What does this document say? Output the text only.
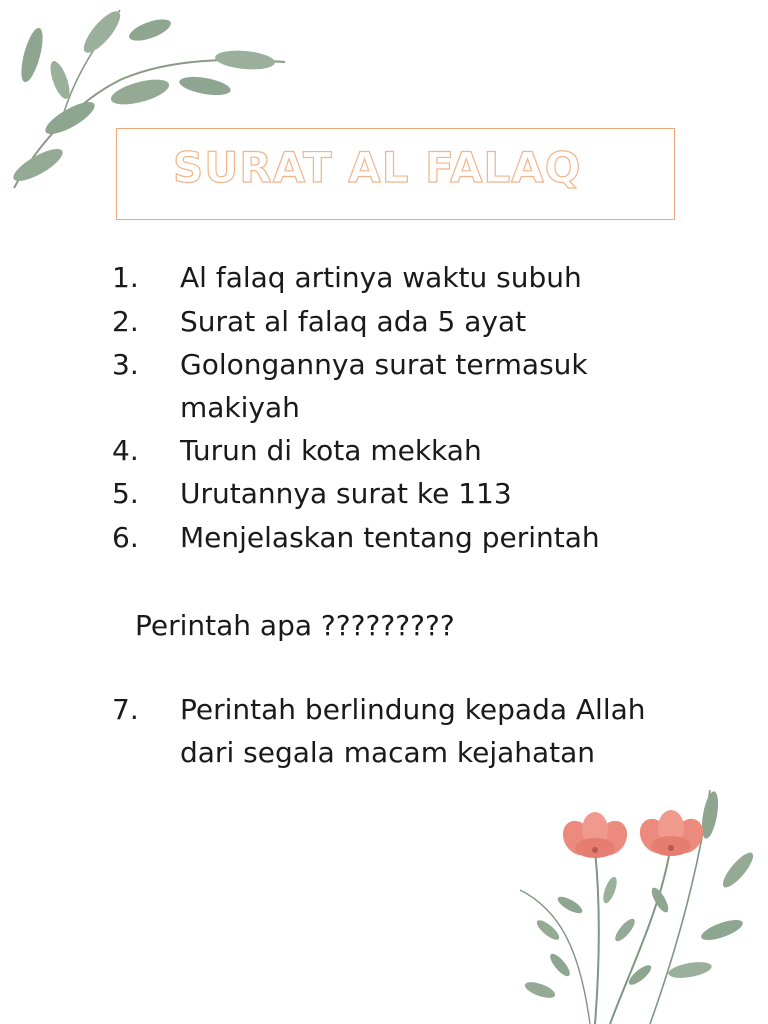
SURAT AL FALAQ
1. Al falaq artinya waktu subuh
2. Surat al falaq ada 5 ayat
3. Golongannya surat termasuk
makiyah
4. Turun di kota mekkah
5. Urutannya surat ke 113
6. Menjelaskan tentang perintah
Perintah apa ?????????
7. Perintah berlindung kepada Allah
dari segala macam kejahatan
